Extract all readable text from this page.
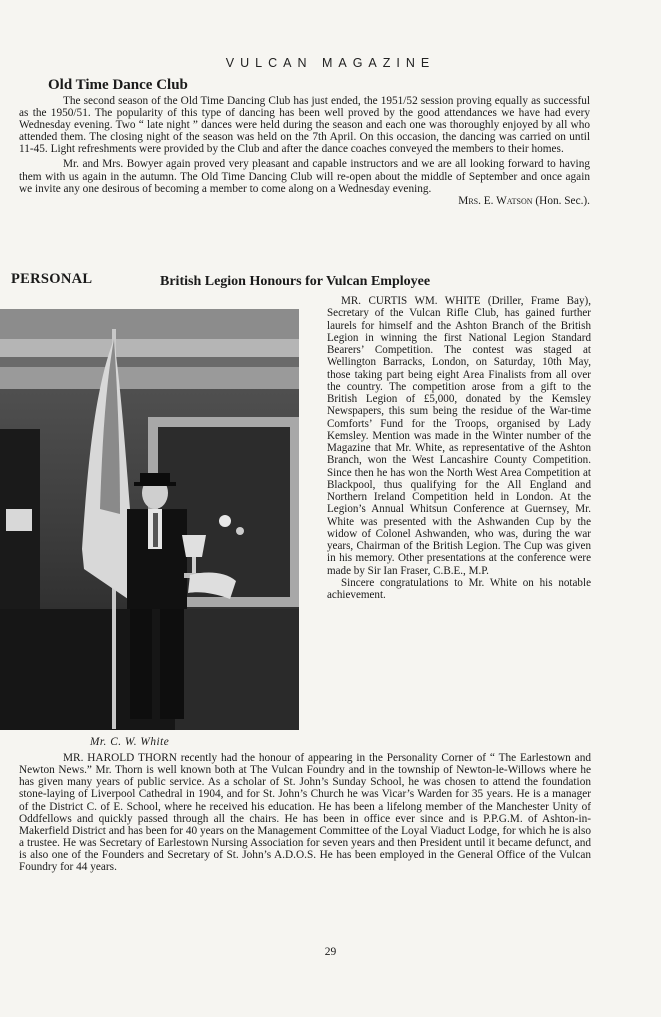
VULCAN MAGAZINE
Old Time Dance Club

The second season of the Old Time Dancing Club has just ended, the 1951/52 session proving equally as successful as the 1950/51. The popularity of this type of dancing has been well proved by the good attendances we have had every Wednesday evening. Two “ late night ” dances were held during the season and each one was thoroughly enjoyed by all who attended them. The closing night of the season was held on the 7th April. On this occasion, the dancing was carried on until 11-45. Light refreshments were provided by the Club and after the dance coaches conveyed the members to their homes.

Mr. and Mrs. Bowyer again proved very pleasant and capable instructors and we are all looking forward to having them with us again in the autumn. The Old Time Dancing Club will re-open about the middle of September and once again we invite any one desirous of becoming a member to come along on a Wednesday evening.

Mrs. E. Watson (Hon. Sec.).
PERSONAL	British Legion Honours for Vulcan Employee

Mr. C. W. White

MR. CURTIS WM. WHITE (Driller, Frame Bay), Secretary of the Vulcan Rifle Club, has gained further laurels for himself and the Ashton Branch of the British Legion in winning the first National Legion Standard Bearers’ Competition. The contest was staged at Wellington Barracks, London, on Saturday, 10th May, those taking part being eight Area Finalists from all over the country. The competition arose from a gift to the British Legion of £5,000, donated by the Kemsley Newspapers, this sum being the residue of the War-time Comforts’ Fund for the Troops, organised by Lady Kemsley. Mention was made in the Winter number of the Magazine that Mr. White, as representative of the Ashton Branch, won the West Lancashire County Competition. Since then he has won the North West Area Competition at Blackpool, thus qualifying for the All England and Northern Ireland Competition held in London. At the Legion’s Annual Whitsun Conference at Guernsey, Mr. White was presented with the Ashwanden Cup by the widow of Colonel Ashwanden, who was, during the war years, Chairman of the British Legion. The Cup was given in his memory. Other presentations at the conference were made by Sir Ian Fraser, C.B.E., M.P.

Sincere congratulations to Mr. White on his notable achievement.

MR. HAROLD THORN recently had the honour of appearing in the Personality Corner of “ The Earlestown and Newton News.” Mr. Thorn is well known both at The Vulcan Foundry and in the township of Newton-le-Willows where he has given many years of public service. As a scholar of St. John’s Sunday School, he was chosen to attend the foundation stone-laying of Liverpool Cathedral in 1904, and for St. John’s Church he was Vicar’s Warden for 35 years. He is a manager of the District C. of E. School, where he received his education. He has been a lifelong member of the Manchester Unity of Oddfellows and quickly passed through all the chairs. He has been in office ever since and is P.P.G.M. of Ashton-in-Makerfield District and has been for 40 years on the Management Committee of the Loyal Viaduct Lodge, for which he is also a trustee. He was Secretary of Earlestown Nursing Association for seven years and then President until it became defunct, and is also one of the Founders and Secretary of St. John’s A.D.O.S. He has been employed in the General Office of the Vulcan Foundry for 44 years.

29
